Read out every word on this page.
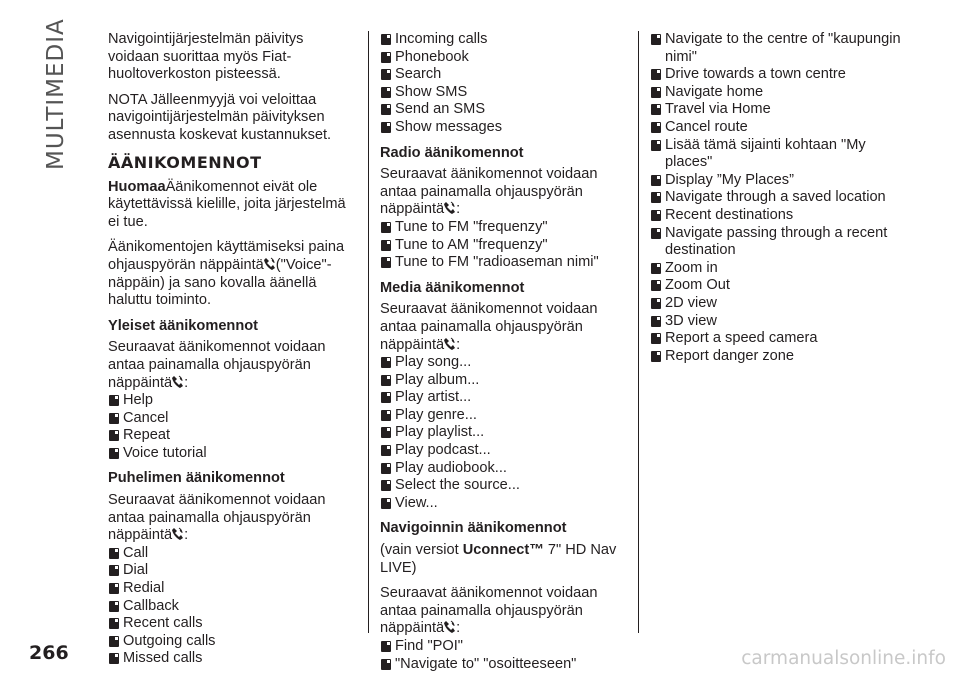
MULTIMEDIA	Navigointijärjestelmän päivitys voidaan suorittaa myös Fiat-huoltoverkoston pisteessä.

NOTA Jälleenmyyjä voi veloittaa navigointijärjestelmän päivityksen asennusta koskevat kustannukset.

ÄÄNIKOMENNOT

HuomaaÄänikomennot eivät ole käytettävissä kielille, joita järjestelmä ei tue.

Äänikomentojen käyttämiseksi paina ohjauspyörän näppäintä ("Voice"-näppäin) ja sano kovalla äänellä haluttu toiminto.

Yleiset äänikomennot
Seuraavat äänikomennot voidaan antaa painamalla ohjauspyörän näppäintä :
Help
Cancel
Repeat
Voice tutorial
Puhelimen äänikomennot
Seuraavat äänikomennot voidaan antaa painamalla ohjauspyörän näppäintä :
Call
Dial
Redial
Callback
Recent calls
Outgoing calls
Missed calls
Incoming calls
Phonebook
Search
Show SMS
Send an SMS
Show messages
Radio äänikomennot
Seuraavat äänikomennot voidaan antaa painamalla ohjauspyörän näppäintä :
Tune to FM "frequenzy"
Tune to AM "frequenzy"
Tune to FM "radioaseman nimi"
Media äänikomennot
Seuraavat äänikomennot voidaan antaa painamalla ohjauspyörän näppäintä :
Play song...
Play album...
Play artist...
Play genre...
Play playlist...
Play podcast...
Play audiobook...
Select the source...
View...
Navigoinnin äänikomennot

(vain versiot Uconnect™ 7" HD Nav LIVE)

Seuraavat äänikomennot voidaan antaa painamalla ohjauspyörän näppäintä :
Find "POI"
"Navigate to" "osoitteeseen"
Navigate to the centre of "kaupungin nimi"
Drive towards a town centre
Navigate home
Travel via Home
Cancel route
Lisää tämä sijainti kohtaan "My places"
Display ”My Places”
Navigate through a saved location
Recent destinations
Navigate passing through a recent destination
Zoom in
Zoom Out
2D view
3D view
Report a speed camera
Report danger zone
266	carmanualsonline.info
